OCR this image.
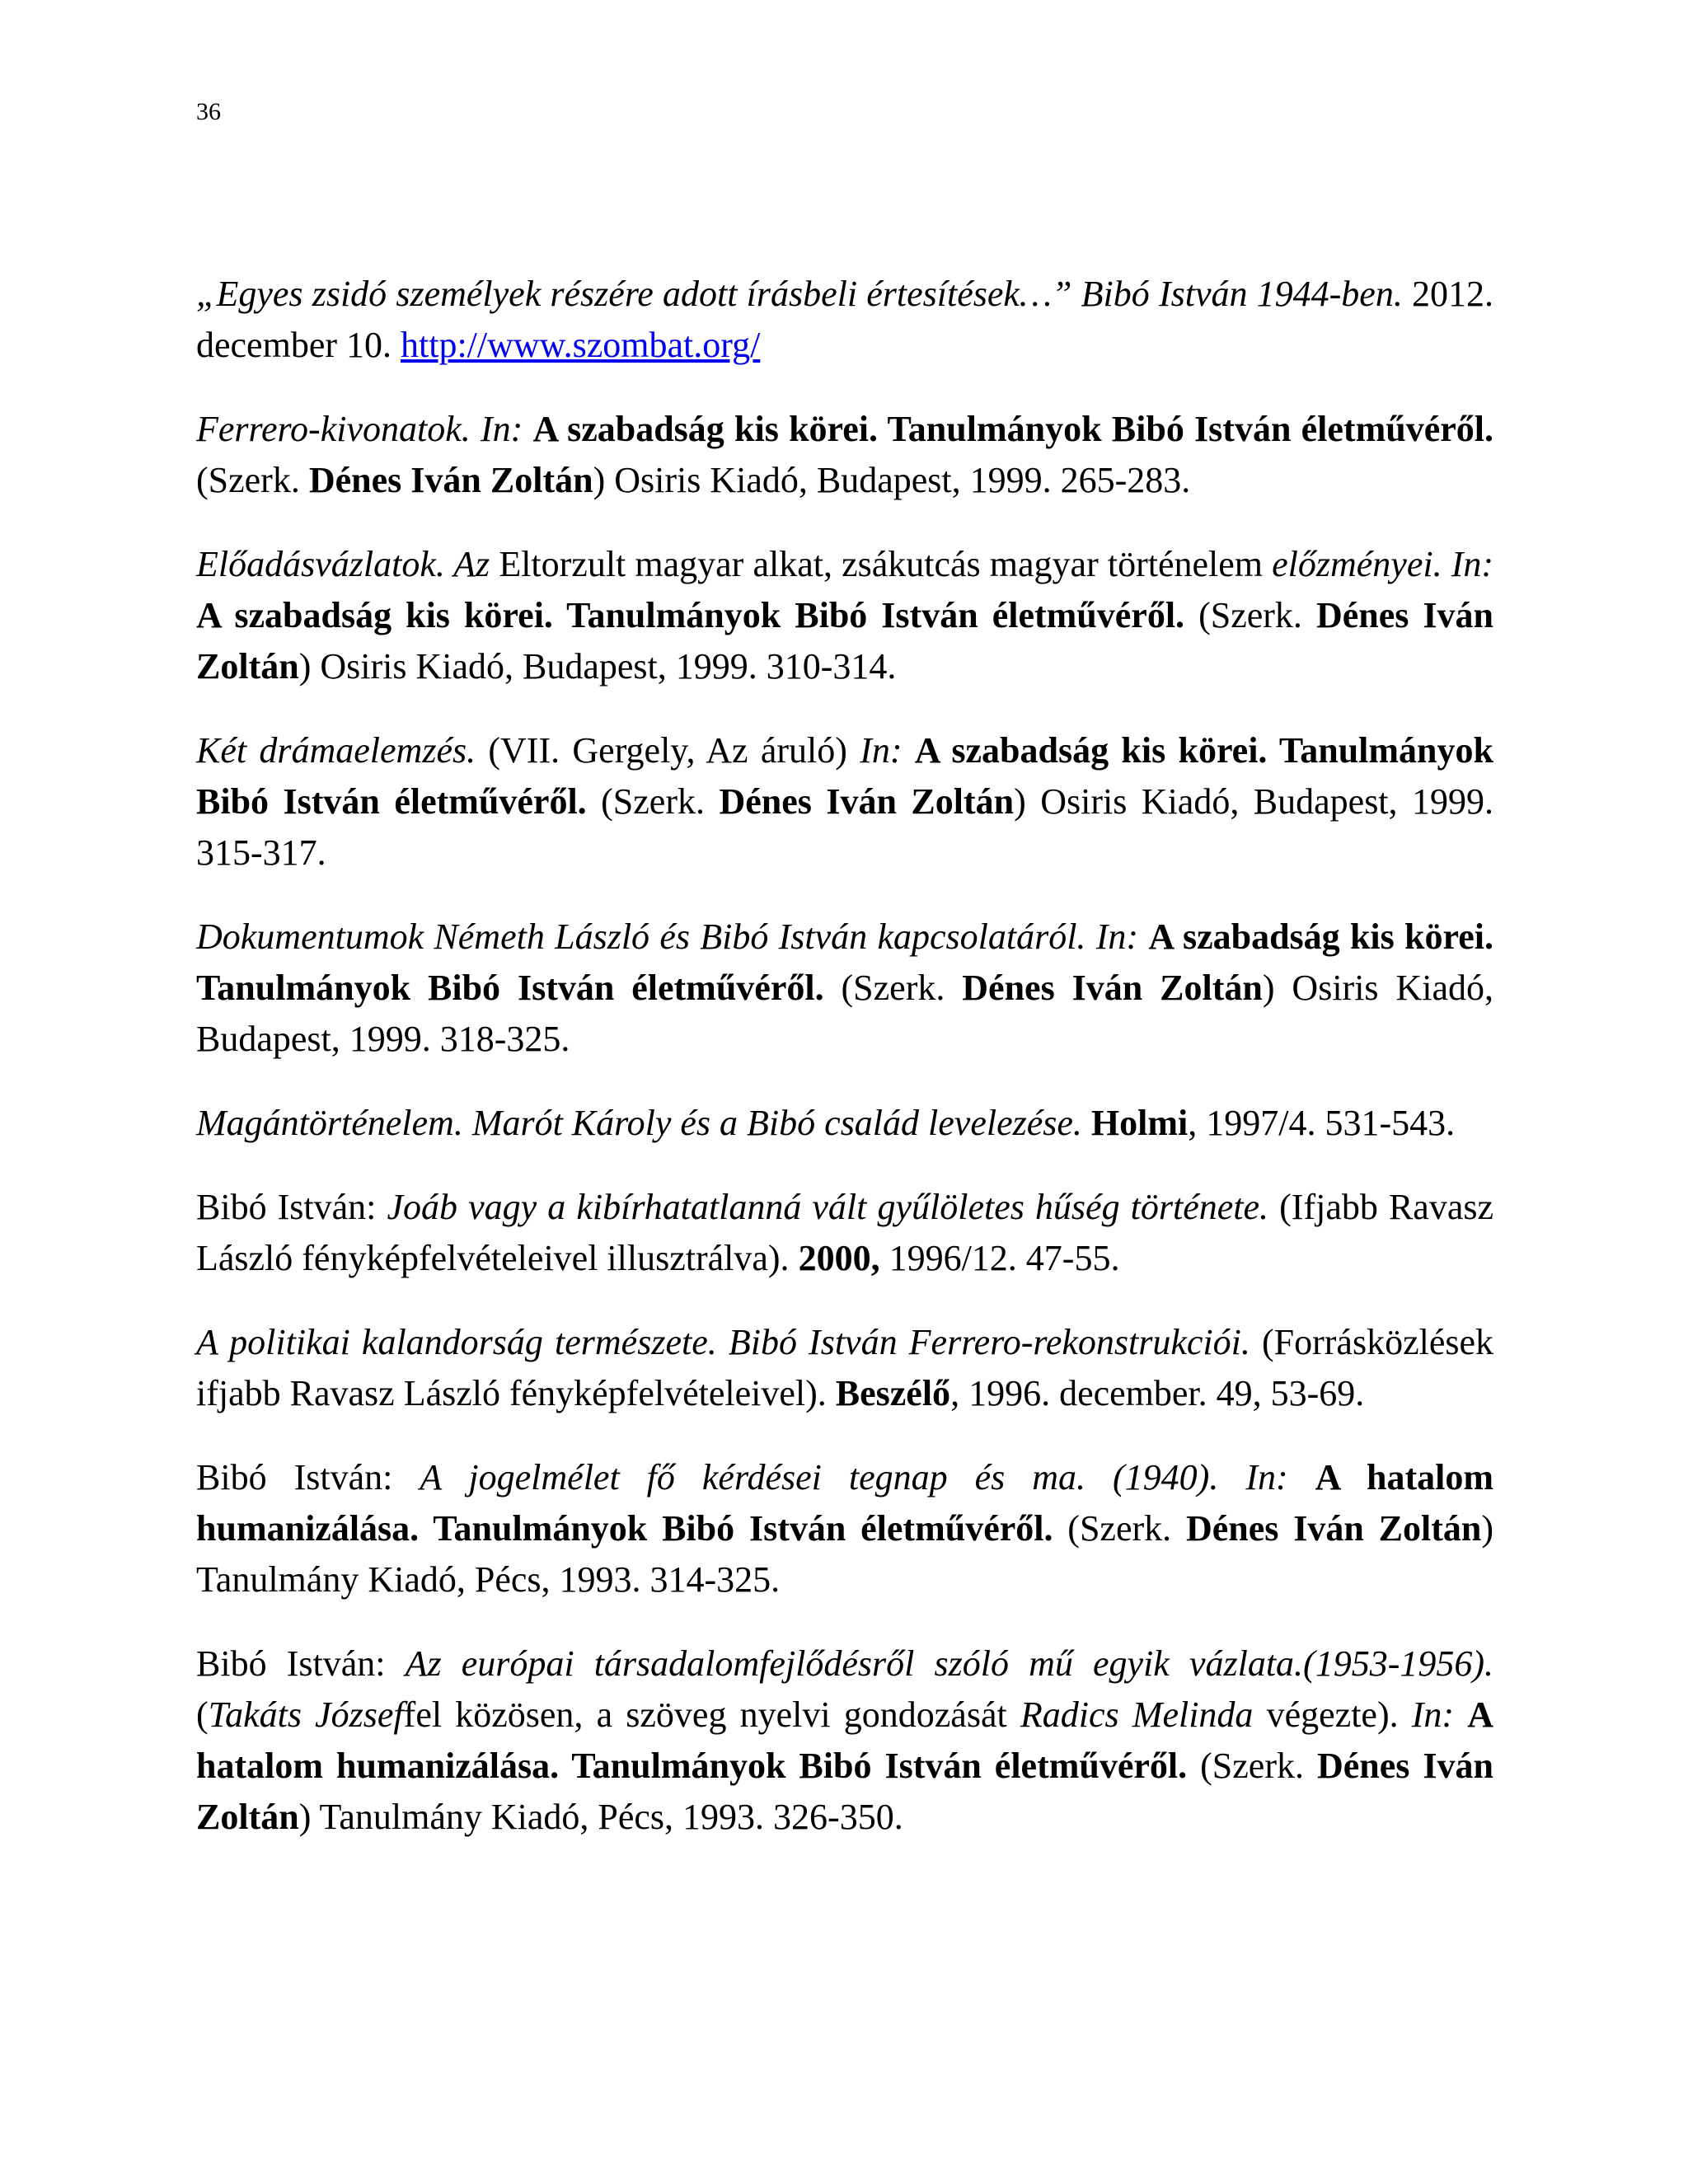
36

„Egyes zsidó személyek részére adott írásbeli értesítések…” Bibó István 1944-ben. 2012. december 10. http://www.szombat.org/

Ferrero-kivonatok. In: A szabadság kis körei. Tanulmányok Bibó István életművéről. (Szerk. Dénes Iván Zoltán) Osiris Kiadó, Budapest, 1999. 265-283.

Előadásvázlatok. Az Eltorzult magyar alkat, zsákutcás magyar történelem előzményei. In: A szabadság kis körei. Tanulmányok Bibó István életművéről. (Szerk. Dénes Iván Zoltán) Osiris Kiadó, Budapest, 1999. 310-314.

Két drámaelemzés. (VII. Gergely, Az áruló) In: A szabadság kis körei. Tanulmányok Bibó István életművéről. (Szerk. Dénes Iván Zoltán) Osiris Kiadó, Budapest, 1999. 315-317.

Dokumentumok Németh László és Bibó István kapcsolatáról. In: A szabadság kis körei. Tanulmányok Bibó István életművéről. (Szerk. Dénes Iván Zoltán) Osiris Kiadó, Budapest, 1999. 318-325.

Magántörténelem. Marót Károly és a Bibó család levelezése. Holmi, 1997/4. 531-543.

Bibó István: Joáb vagy a kibírhatatlanná vált gyűlöletes hűség története. (Ifjabb Ravasz László fényképfelvételeivel illusztrálva). 2000, 1996/12. 47-55.

A politikai kalandorság természete. Bibó István Ferrero-rekonstrukciói. (Forrásközlések ifjabb Ravasz László fényképfelvételeivel). Beszélő, 1996. december. 49, 53-69.

Bibó István: A jogelmélet fő kérdései tegnap és ma. (1940). In: A hatalom humanizálása. Tanulmányok Bibó István életművéről. (Szerk. Dénes Iván Zoltán) Tanulmány Kiadó, Pécs, 1993. 314-325.

Bibó István: Az európai társadalomfejlődésről szóló mű egyik vázlata.(1953-1956). (Takáts Józseffel közösen, a szöveg nyelvi gondozását Radics Melinda végezte). In: A hatalom humanizálása. Tanulmányok Bibó István életművéről. (Szerk. Dénes Iván Zoltán) Tanulmány Kiadó, Pécs, 1993. 326-350.
